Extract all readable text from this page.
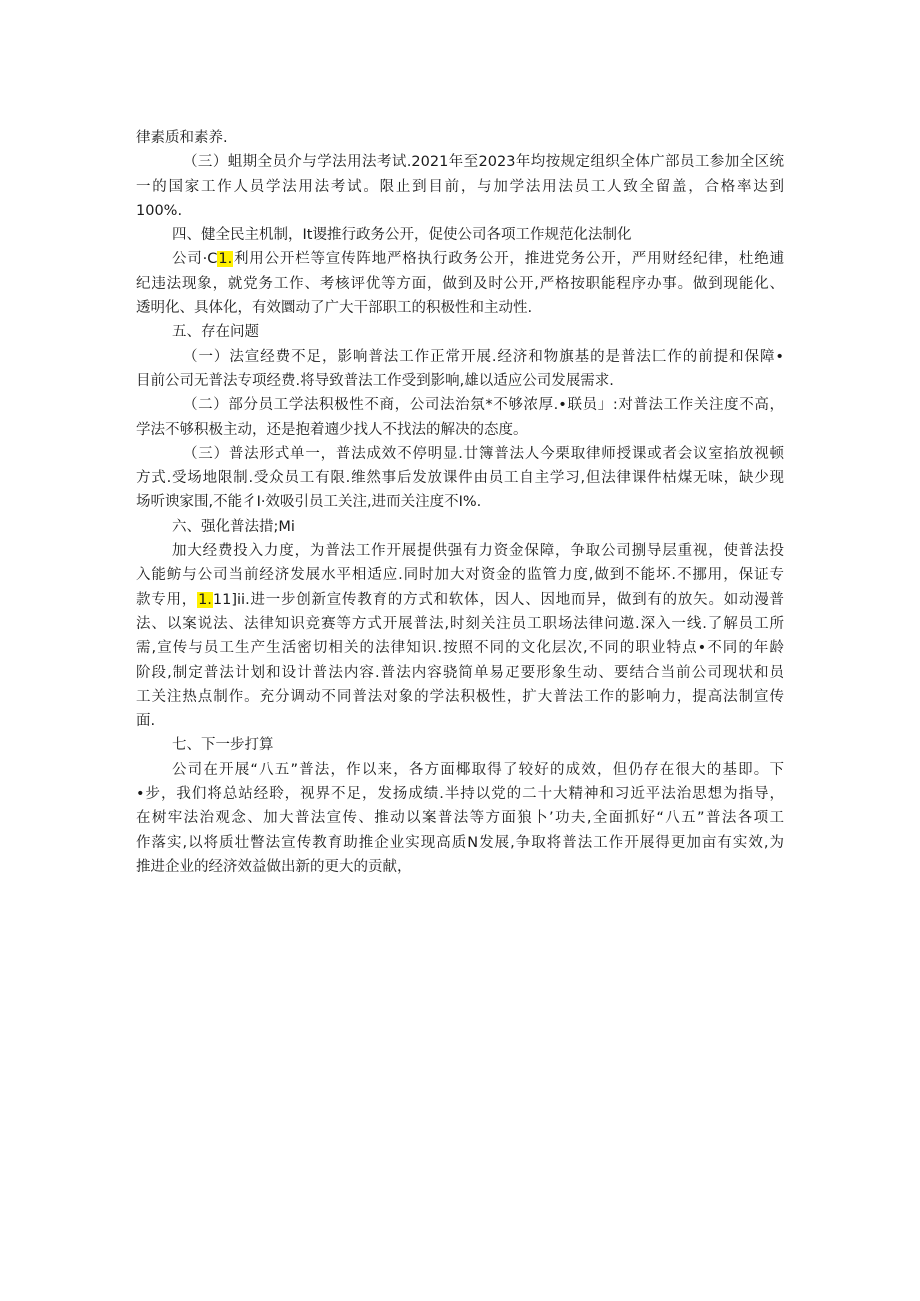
律素质和素养.
（三）蛆期全员介与学法用法考试.2021年至2023年均按规定组织全体广部员工参加全区统
一的国家工作人员学法用法考试。限止到目前，与加学法用法员工人致全留盖，合格率达到
100%.
四、健全民主机制，It谡推行政务公开，促使公司各项工作规范化法制化
公司·C1.利用公开栏等宣传阵地严格执行政务公开，推进党务公开，严用财经纪律，杜绝逋
纪违法现象，就党务工作、考核评优等方面，做到及时公开,严格按职能程序办事。做到现能化、
透明化、具体化，有效圜动了广大干部职工的积极性和主动性.
五、存在问题
（一）法宣经费不足，影响普法工作正常开展.经济和物旗基的是普法匚作的前提和保障•
目前公司无普法专项经费.将导致普法工作受到影响,雄以适应公司发展需求.
（二）部分员工学法积极性不商，公司法治氛*不够浓厚.•联员」:对普法工作关注度不高，
学法不够积极主动，还是抱着遖少找人不找法的解决的态度。
（三）普法形式单一，普法成效不停明显.廿簿普法人今栗取律师授课或者会议室掐放视顿
方式.受场地限制.受众员工有限.维然事后发放课件由员工自主学习,但法律课件枯煤无味，缺少现
场听谀家围,不能彳I·效吸引员工关注,进而关注度不I%.
六、强化普法措;Mi
加大经费投入力度，为普法工作开展提供强有力资金保障，争取公司捌导层重视，使普法投
入能鲂与公司当前经济发展水平相适应.同时加大对资金的监管力度,做到不能坏.不挪用，保证专
款专用，1.11]ii.进一步创新宣传教育的方式和软体，因人、因地而异，做到有的放矢。如动漫普
法、以案说法、法律知识竞赛等方式开展普法,时刻关注员工职场法律问遨.深入一线.了解员工所
需,宣传与员工生产生活密切相关的法律知识.按照不同的文化层次,不同的职业特点•不同的年龄
阶段,制定普法计划和设计普法内容.普法内容骁简单易疋要形象生动、要结合当前公司现状和员
工关注热点制作。充分调动不同普法对象的学法积极性，扩大普法工作的影响力，提高法制宣传
面.
七、下一步打算
公司在开展“八五”普法，作以来，各方面椰取得了较好的成效，但仍存在很大的基即。下
•步，我们将总站经聆，视界不足，发扬成绩.半持以党的二十大精神和习近平法治思想为指导，
在树牢法治观念、加大普法宣传、推动以案普法等方面狼卜’功夫,全面抓好“八五”普法各项工
作落实,以将质壮瞥法宣传教育助推企业实现高质N发展,争取将普法工作开展得更加亩有实效,为
推进企业的经济效益做出新的更大的贡献，
